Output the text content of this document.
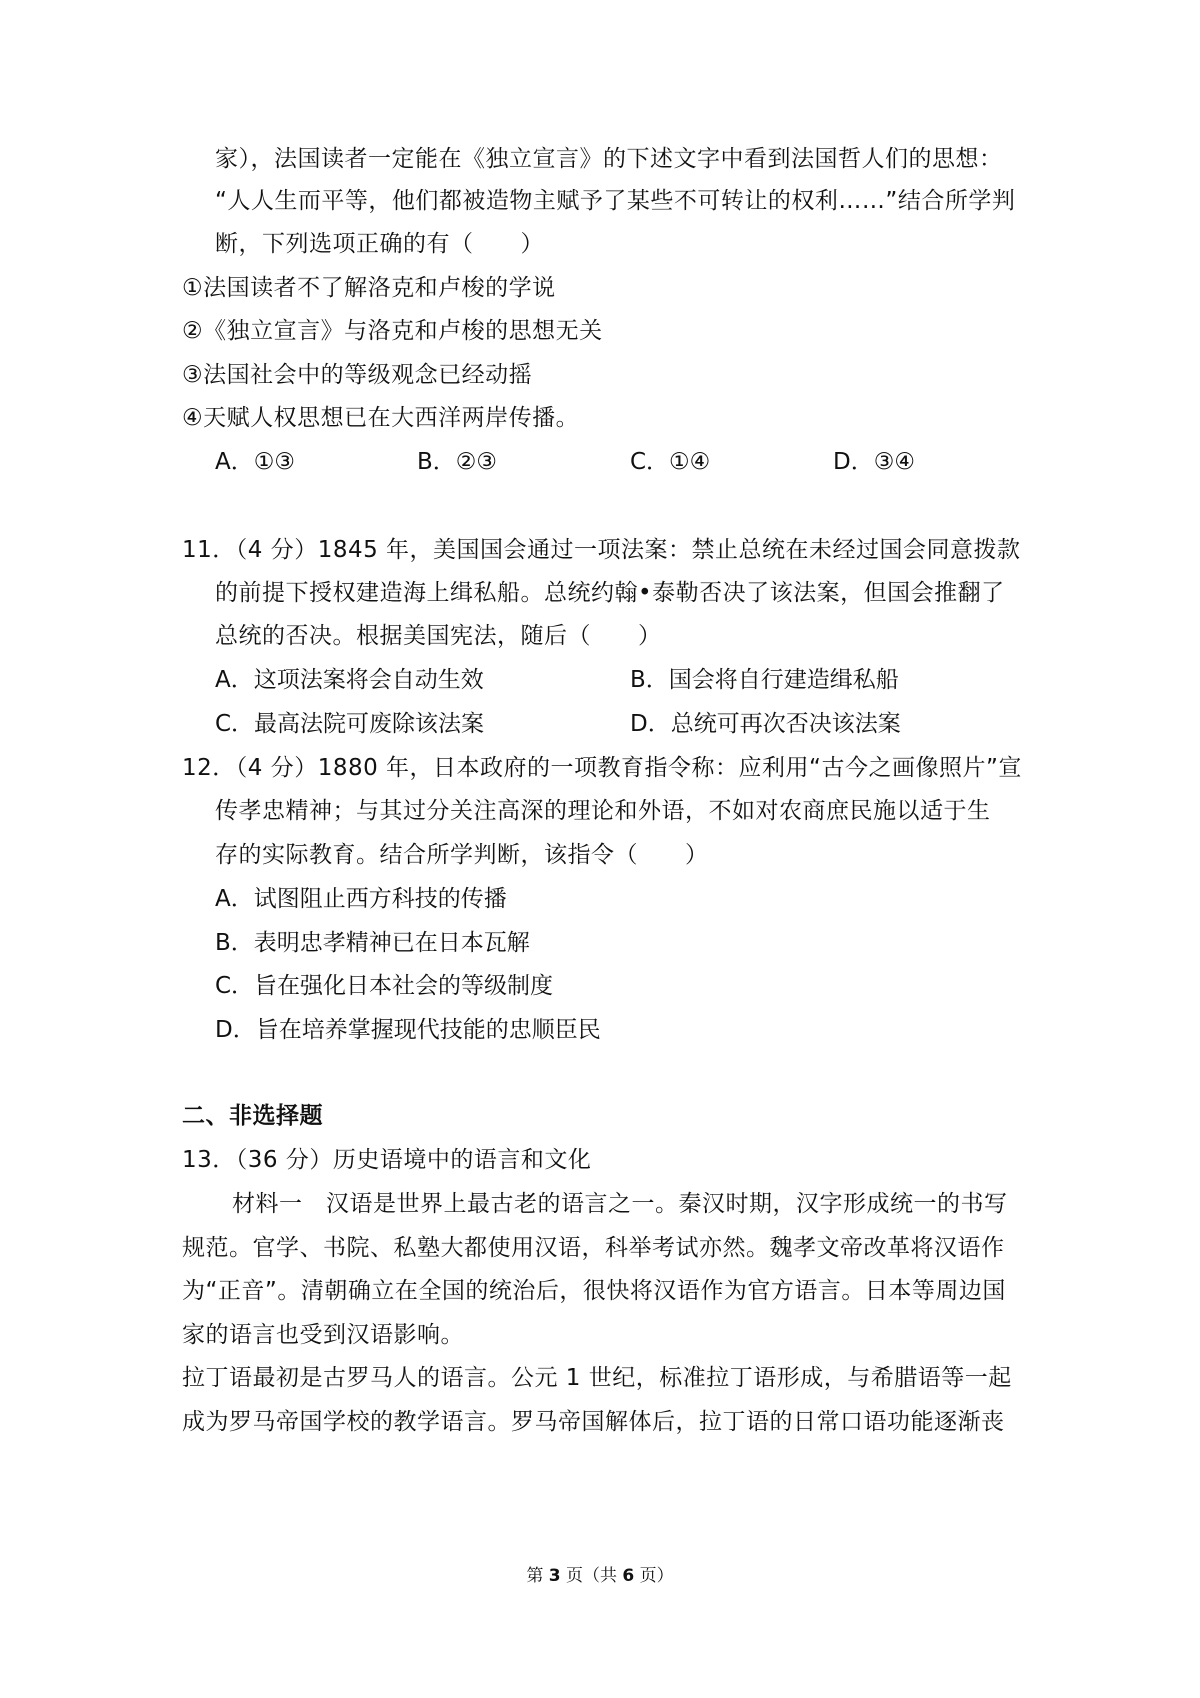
家），法国读者一定能在《独立宣言》的下述文字中看到法国哲人们的思想：
“人人生而平等，他们都被造物主赋予了某些不可转让的权利……”结合所学判
断，下列选项正确的有（　　）
①法国读者不了解洛克和卢梭的学说
②《独立宣言》与洛克和卢梭的思想无关
③法国社会中的等级观念已经动摇
④天赋人权思想已在大西洋两岸传播。
A．①③	B．②③	C．①④	D．③④
11．（4 分）1845 年，美国国会通过一项法案：禁止总统在未经过国会同意拨款
的前提下授权建造海上缉私船。总统约翰•泰勒否决了该法案，但国会推翻了
总统的否决。根据美国宪法，随后（　　）
A．这项法案将会自动生效	B．国会将自行建造缉私船
C．最高法院可废除该法案	D．总统可再次否决该法案
12．（4 分）1880 年，日本政府的一项教育指令称：应利用“古今之画像照片”宣
传孝忠精神；与其过分关注高深的理论和外语，不如对农商庶民施以适于生
存的实际教育。结合所学判断，该指令（　　）
A．试图阻止西方科技的传播
B．表明忠孝精神已在日本瓦解
C．旨在强化日本社会的等级制度
D．旨在培养掌握现代技能的忠顺臣民
二、非选择题
13．（36 分）历史语境中的语言和文化
材料一　汉语是世界上最古老的语言之一。秦汉时期，汉字形成统一的书写
规范。官学、书院、私塾大都使用汉语，科举考试亦然。魏孝文帝改革将汉语作
为“正音”。清朝确立在全国的统治后，很快将汉语作为官方语言。日本等周边国
家的语言也受到汉语影响。
拉丁语最初是古罗马人的语言。公元 1 世纪，标准拉丁语形成，与希腊语等一起
成为罗马帝国学校的教学语言。罗马帝国解体后，拉丁语的日常口语功能逐渐丧
第 3 页（共 6 页）
